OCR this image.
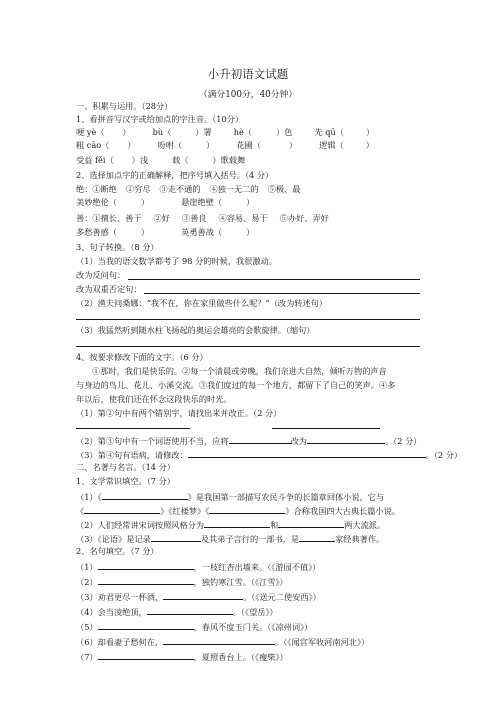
小升初语文试题
（满分100分，40分钟）
一、积累与运用。（28分）
1、看拼音写汉字或给加点的字注音。（10分）
哽 yè（ ）	bù（	）署	hè（	）色	先 qū（	）
粗 cāo（ ）	吩咐（	）	花圃（	）	逻辑（	）
受益 fěi（ ）浅	载（	）歌载舞
2、选择加点字的正确解释，把序号填入括号。（4 分）
绝：①断绝 ②穷尽 ③走不通的 ④独一无二的 ⑤极、最
美妙绝伦（	）	悬崖绝壁（	）
善：①擅长、善于 ②好 ③善良 ④容易、易于 ⑤办好、弄好
多愁善感（	）	英勇善战（	）
3、句子转换。（8 分）
（1）当我的语文数学都考了 98 分的时候，我很激动。
改为反问句：
改为双重否定句：
（2）渔夫问桑娜：“我不在，你在家里做些什么呢？”（改为转述句）
（3）我猛然听到随水柱飞扬起的奥运会雄亮的会歌旋律。（缩句）
4、按要求修改下面的文字。（6 分）
①那时，我们是快乐的。②每一个清晨或旁晚，我们亲进大自然，倾听万物的声音
与身边的鸟儿、花儿、小溪交流。③我们度过的每一个地方，都留下了自己的笑声。④多
年以后，使我们还在怀念这段快乐的时光。
（1）第②句中有两个错别字，请找出来并改正。（2 分）
（2）第③句中有一个词语使用不当，应将	改为	。（2 分）
（3）第④句有语病，请修改：	。（2 分）
二、名著与名言。（14 分）
1、文学常识填空。（7 分）
（1）《	》是我国第一部描写农民斗争的长篇章回体小说，它与
《	》《红楼梦》《	》合称我国四大古典长篇小说。
（2）人们经常讲宋词按照风格分为	和	两大流派。
（3）《论语》是记录	及其弟子言行的一部书，是	家经典著作。
2、名句填空。（7 分）
（1）	，一枝红杏出墙来。（《游园不值》）
（2）	，独钓寒江雪。（《江雪》）
（3）劝君更尽一杯酒，	。（《送元二使安西》）
（4）会当凌绝顶，	。（《望岳》）
（5）	，春风不度玉门关。（《凉州词》）
（6）却看妻子愁何在，	。（《闻官军收河南河北》）
（7）	，夏照香台上。（《瘦柴》）
